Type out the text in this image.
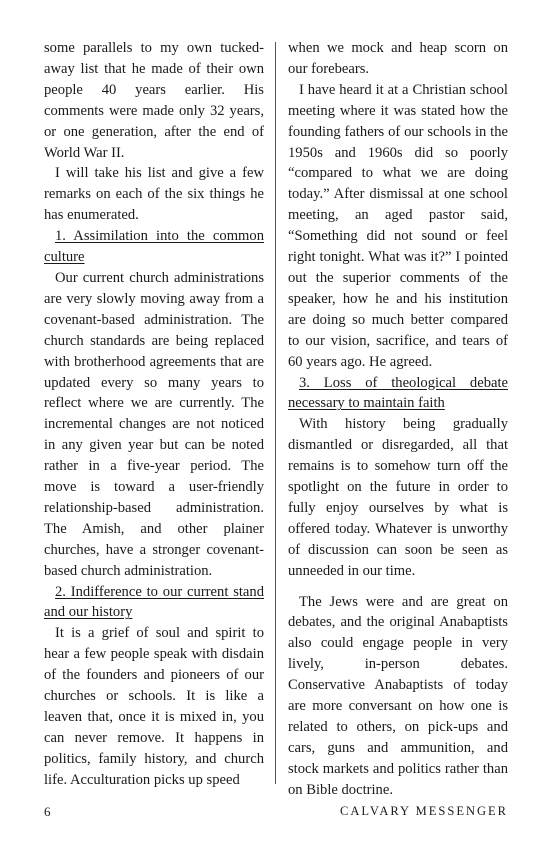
some parallels to my own tucked-away list that he made of their own people 40 years earlier. His comments were made only 32 years, or one generation, after the end of World War II.

I will take his list and give a few remarks on each of the six things he has enumerated.

1. Assimilation into the common culture

Our current church administrations are very slowly moving away from a covenant-based administration. The church standards are being replaced with brotherhood agreements that are updated every so many years to reflect where we are currently. The incremental changes are not noticed in any given year but can be noted rather in a five-year period. The move is toward a user-friendly relationship-based administration. The Amish, and other plainer churches, have a stronger covenant-based church administration.

2. Indifference to our current stand and our history

It is a grief of soul and spirit to hear a few people speak with disdain of the founders and pioneers of our churches or schools. It is like a leaven that, once it is mixed in, you can never remove. It happens in politics, family history, and church life. Acculturation picks up speed

when we mock and heap scorn on our forebears.

I have heard it at a Christian school meeting where it was stated how the founding fathers of our schools in the 1950s and 1960s did so poorly “compared to what we are doing today.” After dismissal at one school meeting, an aged pastor said, “Something did not sound or feel right tonight. What was it?” I pointed out the superior comments of the speaker, how he and his institution are doing so much better compared to our vision, sacrifice, and tears of 60 years ago. He agreed.

3. Loss of theological debate necessary to maintain faith

With history being gradually dismantled or disregarded, all that remains is to somehow turn off the spotlight on the future in order to fully enjoy ourselves by what is offered today. Whatever is unworthy of discussion can soon be seen as unneeded in our time.

The Jews were and are great on debates, and the original Anabaptists also could engage people in very lively, in-person debates. Conservative Anabaptists of today are more conversant on how one is related to others, on pick-ups and cars, guns and ammunition, and stock markets and politics rather than on Bible doctrine.

6	CALVARY MESSENGER
